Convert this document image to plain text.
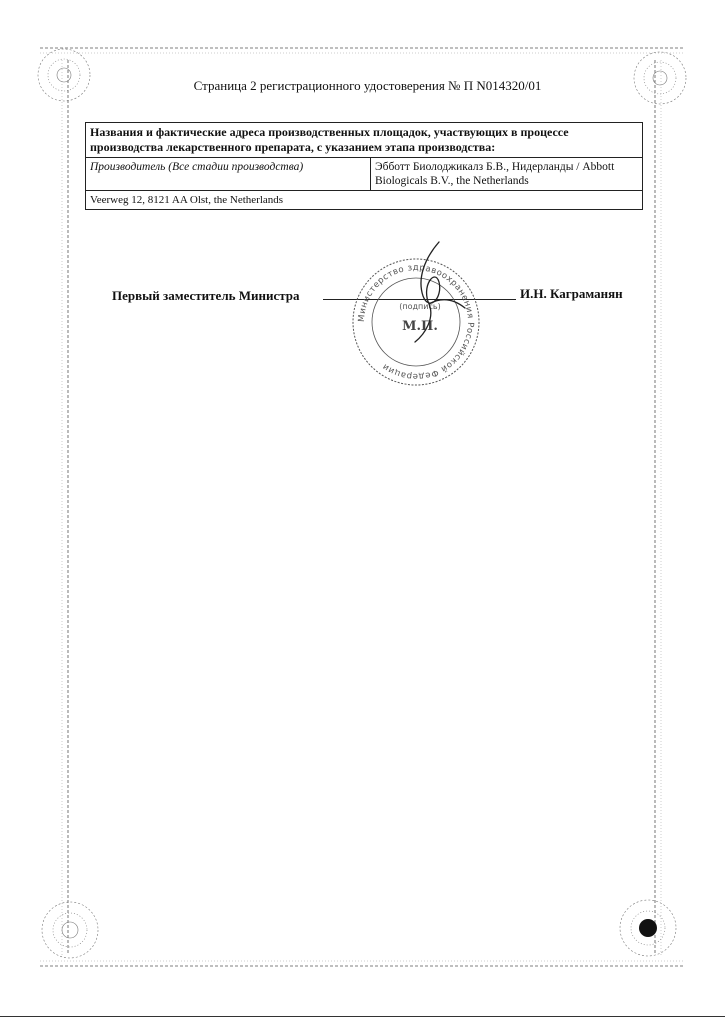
Страница 2 регистрационного удостоверения № П N014320/01
Названия и фактические адреса производственных площадок, участвующих в процессе производства лекарственного препарата, с указанием этапа производства:
Производитель (Все стадии производства)	Эбботт Биолоджикалз Б.В., Нидерланды / Abbott Biologicals B.V., the Netherlands
Veerweg 12, 8121 AA Olst, the Netherlands
Первый заместитель Министра	И.Н. Каграманян
Министерство здравоохранения Российской Федерации
(подпись)
М.П.
